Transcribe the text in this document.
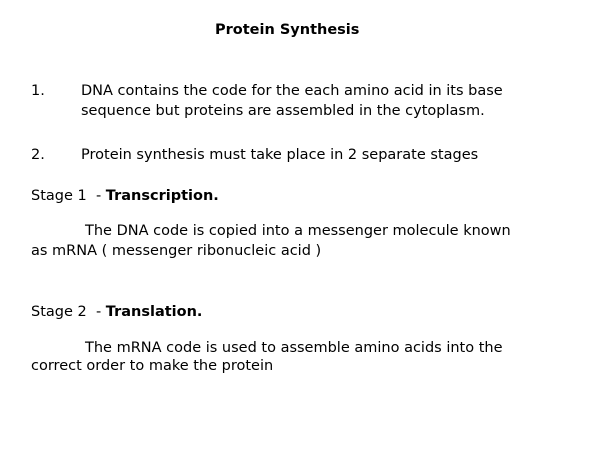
Protein Synthesis
1.	DNA contains the code for the each amino acid in its base
sequence but proteins are assembled in the cytoplasm.
2.	Protein synthesis must take place in 2 separate stages
Stage 1  - Transcription.
The DNA code is copied into a messenger molecule known
as mRNA ( messenger ribonucleic acid )
Stage 2  - Translation.
The mRNA code is used to assemble amino acids into the
correct order to make the protein
